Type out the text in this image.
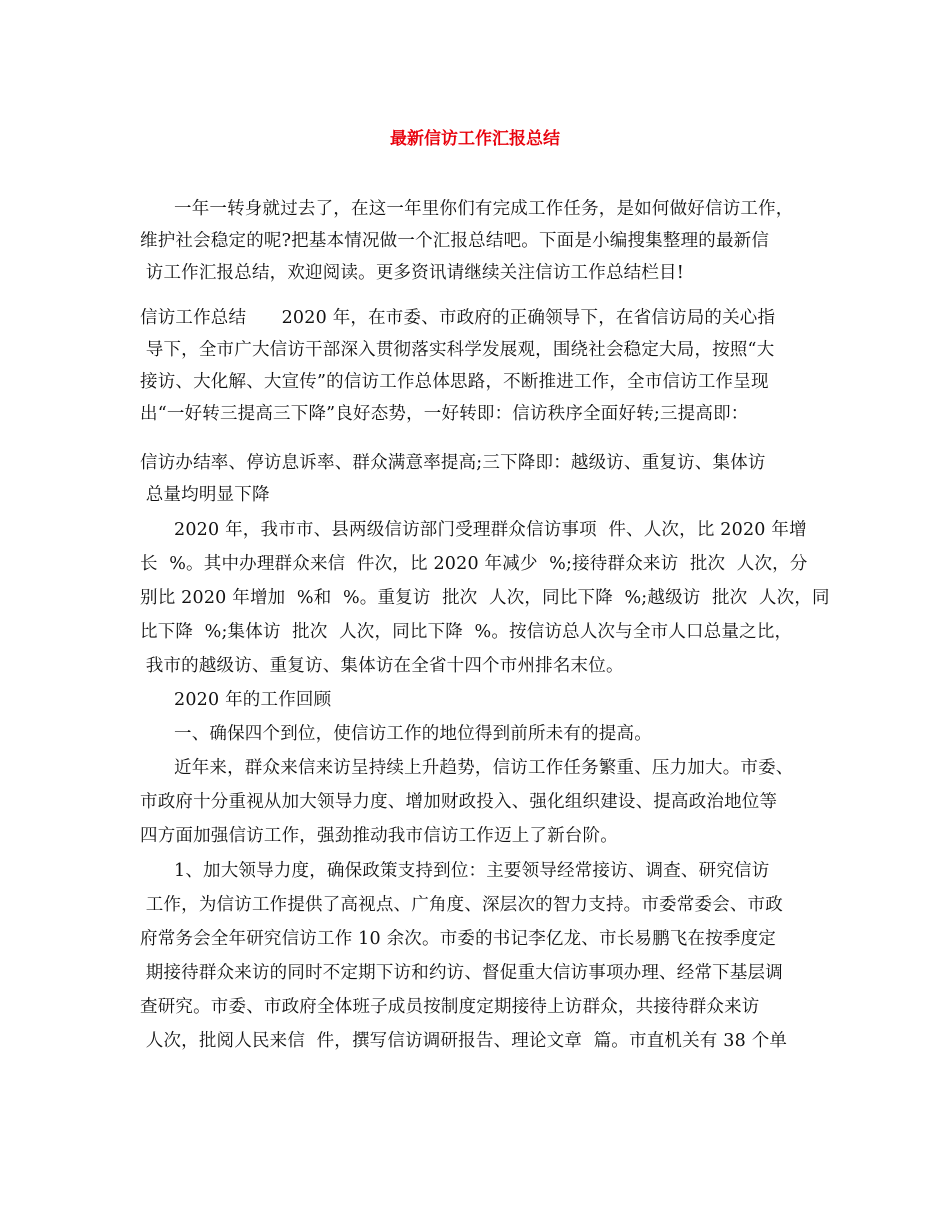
最新信访工作汇报总结
一年一转身就过去了，在这一年里你们有完成工作任务，是如何做好信访工作，
维护社会稳定的呢?把基本情况做一个汇报总结吧。下面是小编搜集整理的最新信
访工作汇报总结，欢迎阅读。更多资讯请继续关注信访工作总结栏目!
信访工作总结　　2020 年，在市委、市政府的正确领导下，在省信访局的关心指
导下，全市广大信访干部深入贯彻落实科学发展观，围绕社会稳定大局，按照“大
接访、大化解、大宣传”的信访工作总体思路，不断推进工作，全市信访工作呈现
出“一好转三提高三下降”良好态势，一好转即：信访秩序全面好转;三提高即：
信访办结率、停访息诉率、群众满意率提高;三下降即：越级访、重复访、集体访
总量均明显下降
2020 年，我市市、县两级信访部门受理群众信访事项  件、人次，比 2020 年增
长  %。其中办理群众来信  件次，比 2020 年减少  %;接待群众来访  批次  人次，分
别比 2020 年增加  %和  %。重复访  批次  人次，同比下降  %;越级访  批次  人次，同
比下降  %;集体访  批次  人次，同比下降  %。按信访总人次与全市人口总量之比，
我市的越级访、重复访、集体访在全省十四个市州排名末位。
2020 年的工作回顾
一、确保四个到位，使信访工作的地位得到前所未有的提高。
近年来，群众来信来访呈持续上升趋势，信访工作任务繁重、压力加大。市委、
市政府十分重视从加大领导力度、增加财政投入、强化组织建设、提高政治地位等
四方面加强信访工作，强劲推动我市信访工作迈上了新台阶。
1、加大领导力度，确保政策支持到位：主要领导经常接访、调查、研究信访
工作，为信访工作提供了高视点、广角度、深层次的智力支持。市委常委会、市政
府常务会全年研究信访工作 10 余次。市委的书记李亿龙、市长易鹏飞在按季度定
期接待群众来访的同时不定期下访和约访、督促重大信访事项办理、经常下基层调
查研究。市委、市政府全体班子成员按制度定期接待上访群众，共接待群众来访
人次，批阅人民来信  件，撰写信访调研报告、理论文章  篇。市直机关有 38 个单
